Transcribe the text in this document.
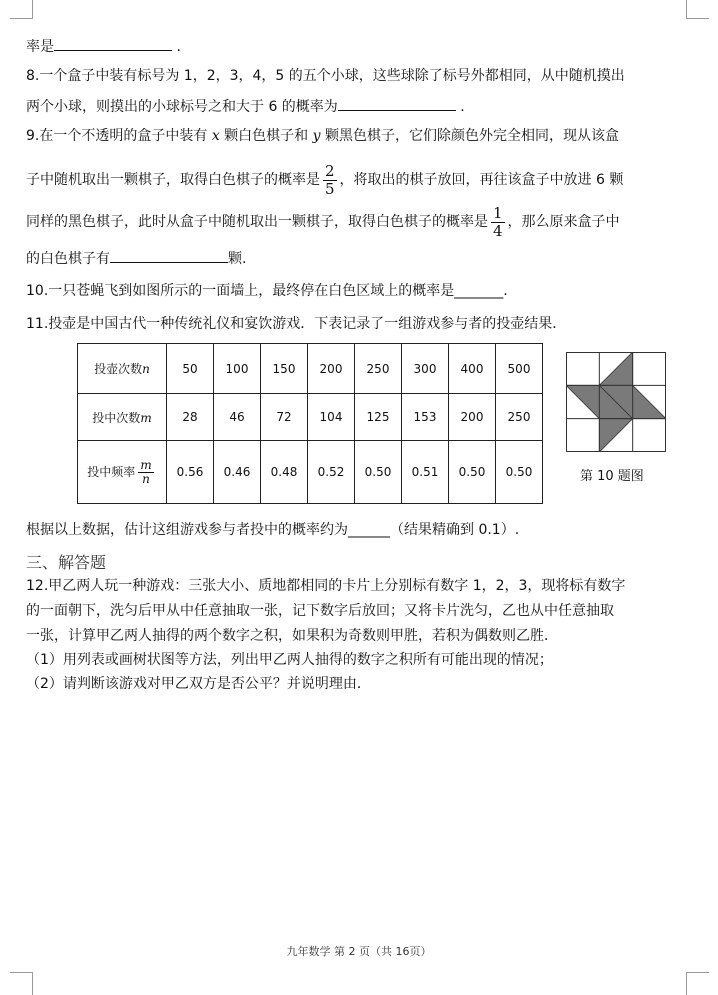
率是	.
8.一个盒子中装有标号为 1，2，3，4，5 的五个小球，这些球除了标号外都相同，从中随机摸出
两个小球，则摸出的小球标号之和大于 6 的概率为	.
9.在一个不透明的盒子中装有 x 颗白色棋子和 y 颗黑色棋子，它们除颜色外完全相同，现从该盒
子中随机取出一颗棋子，取得白色棋子的概率是 $\frac{2}{5}$ ，将取出的棋子放回，再往该盒子中放进 6 颗
同样的黑色棋子，此时从盒子中随机取出一颗棋子，取得白色棋子的概率是 $\frac{1}{4}$ ，那么原来盒子中
的白色棋子有	颗.
10.一只苍蝇飞到如图所示的一面墙上，最终停在白色区域上的概率是_______.
11.投壶是中国古代一种传统礼仪和宴饮游戏．下表记录了一组游戏参与者的投壶结果．
投壶次数n	50	100	150	200	250	300	400	500
投中次数m	28	46	72	104	125	153	200	250
投中频率 $\frac{m}{n}$	0.56	0.46	0.48	0.52	0.50	0.51	0.50	0.50	第 10 题图
根据以上数据，估计这组游戏参与者投中的概率约为______（结果精确到 0.1）.
三、解答题
12.甲乙两人玩一种游戏：三张大小、质地都相同的卡片上分别标有数字 1，2，3，现将标有数字
的一面朝下，洗匀后甲从中任意抽取一张，记下数字后放回；又将卡片洗匀，乙也从中任意抽取
一张，计算甲乙两人抽得的两个数字之积，如果积为奇数则甲胜，若积为偶数则乙胜．
（1）用列表或画树状图等方法，列出甲乙两人抽得的数字之积所有可能出现的情况；
（2）请判断该游戏对甲乙双方是否公平？并说明理由．
九年数学 第 2 页（共 16页）
